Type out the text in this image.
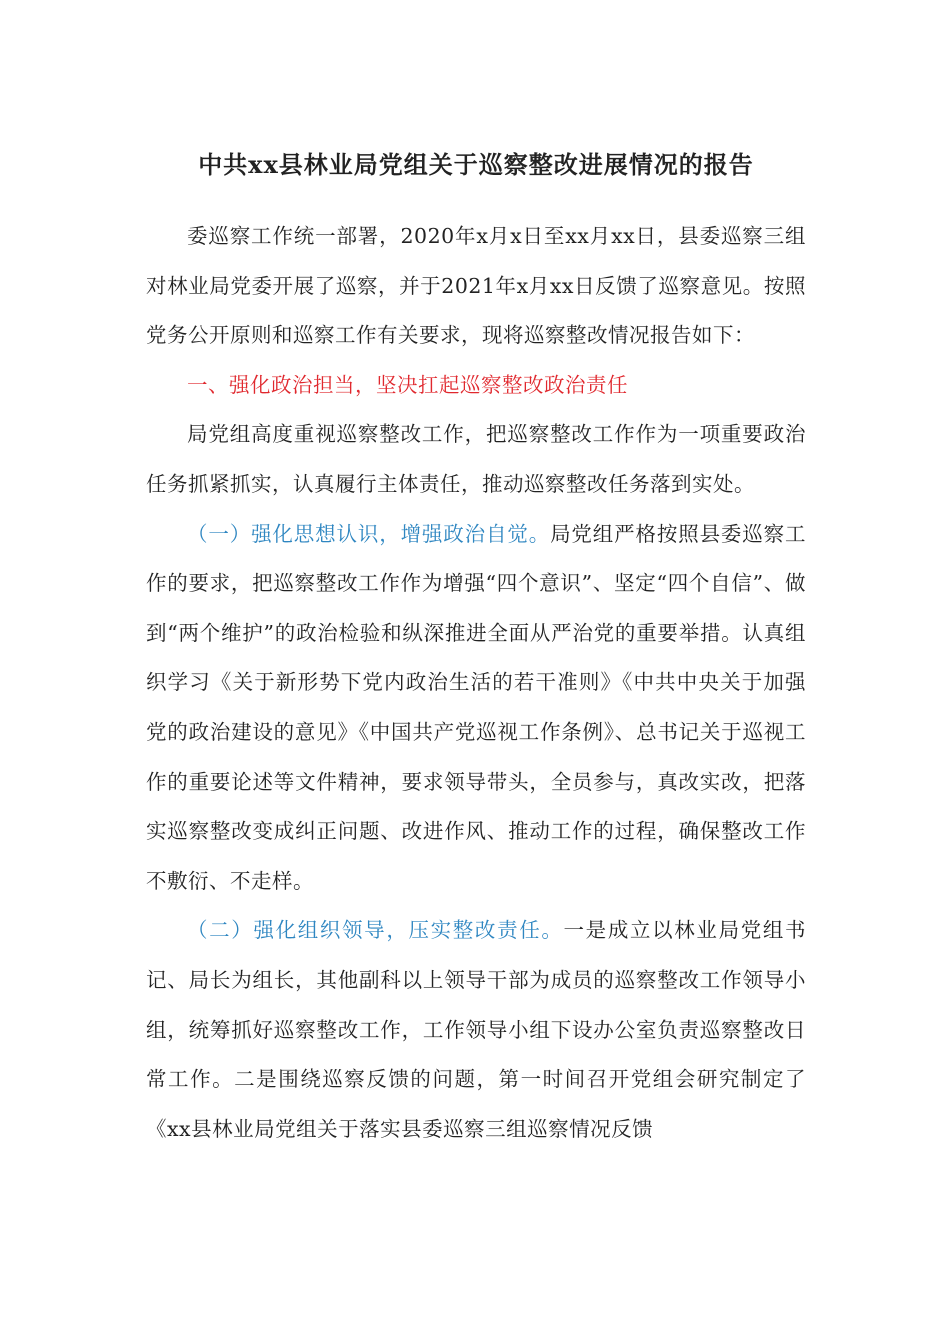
中共xx县林业局党组关于巡察整改进展情况的报告

委巡察工作统一部署，2020年x月x日至xx月xx日，县委巡察三组对林业局党委开展了巡察，并于2021年x月xx日反馈了巡察意见。按照党务公开原则和巡察工作有关要求，现将巡察整改情况报告如下：

一、强化政治担当，坚决扛起巡察整改政治责任

局党组高度重视巡察整改工作，把巡察整改工作作为一项重要政治任务抓紧抓实，认真履行主体责任，推动巡察整改任务落到实处。

（一）强化思想认识，增强政治自觉。局党组严格按照县委巡察工作的要求，把巡察整改工作作为增强“四个意识”、坚定“四个自信”、做到“两个维护”的政治检验和纵深推进全面从严治党的重要举措。认真组织学习《关于新形势下党内政治生活的若干准则》《中共中央关于加强党的政治建设的意见》《中国共产党巡视工作条例》、总书记关于巡视工作的重要论述等文件精神，要求领导带头，全员参与，真改实改，把落实巡察整改变成纠正问题、改进作风、推动工作的过程，确保整改工作不敷衍、不走样。

（二）强化组织领导，压实整改责任。一是成立以林业局党组书记、局长为组长，其他副科以上领导干部为成员的巡察整改工作领导小组，统筹抓好巡察整改工作，工作领导小组下设办公室负责巡察整改日常工作。二是围绕巡察反馈的问题，第一时间召开党组会研究制定了《xx县林业局党组关于落实县委巡察三组巡察情况反馈
